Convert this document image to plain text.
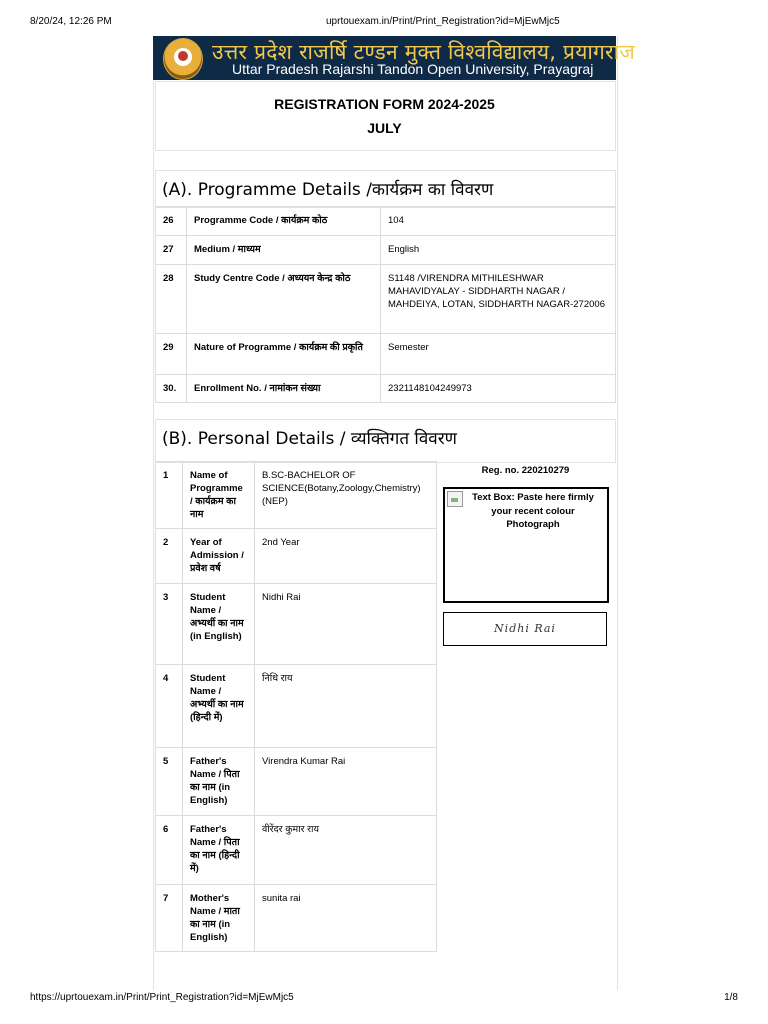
8/20/24, 12:26 PM	uprtouexam.in/Print/Print_Registration?id=MjEwMjc5
उत्तर प्रदेश राजर्षि टण्डन मुक्त विश्वविद्यालय, प्रयागराज
Uttar Pradesh Rajarshi Tandon Open University, Prayagraj
REGISTRATION FORM 2024-2025
JULY
(A). Programme Details /कार्यक्रम का विवरण
26	Programme Code / कार्यक्रम कोठ	104
27	Medium / माध्यम	English
28	Study Centre Code / अध्ययन केन्द्र कोठ	S1148 /VIRENDRA MITHILESHWAR MAHAVIDYALAY - SIDDHARTH NAGAR / MAHDEIYA, LOTAN, SIDDHARTH NAGAR-272006
29	Nature of Programme / कार्यक्रम की प्रकृति	Semester
30.	Enrollment No. / नामांकन संख्या	2321148104249973
(B). Personal Details / व्यक्तिगत विवरण
1	Name of Programme / कार्यक्रम का नाम	B.SC-BACHELOR OF SCIENCE(Botany,Zoology,Chemistry)(NEP)
2	Year of Admission / प्रवेश वर्ष	2nd Year
3	Student Name / अभ्यर्थी का नाम (in English)	Nidhi Rai
4	Student Name / अभ्यर्थी का नाम (हिन्दी में)	निधि राय
5	Father's Name / पिता का नाम (in English)	Virendra Kumar Rai
6	Father's Name / पिता का नाम (हिन्दी में)	वीरेंदर कुमार राय
7	Mother's Name / माता का नाम (in English)	sunita rai
Reg. no. 220210279
Text Box: Paste here firmly your recent colour Photograph
Nidhi Rai
https://uprtouexam.in/Print/Print_Registration?id=MjEwMjc5	1/8
